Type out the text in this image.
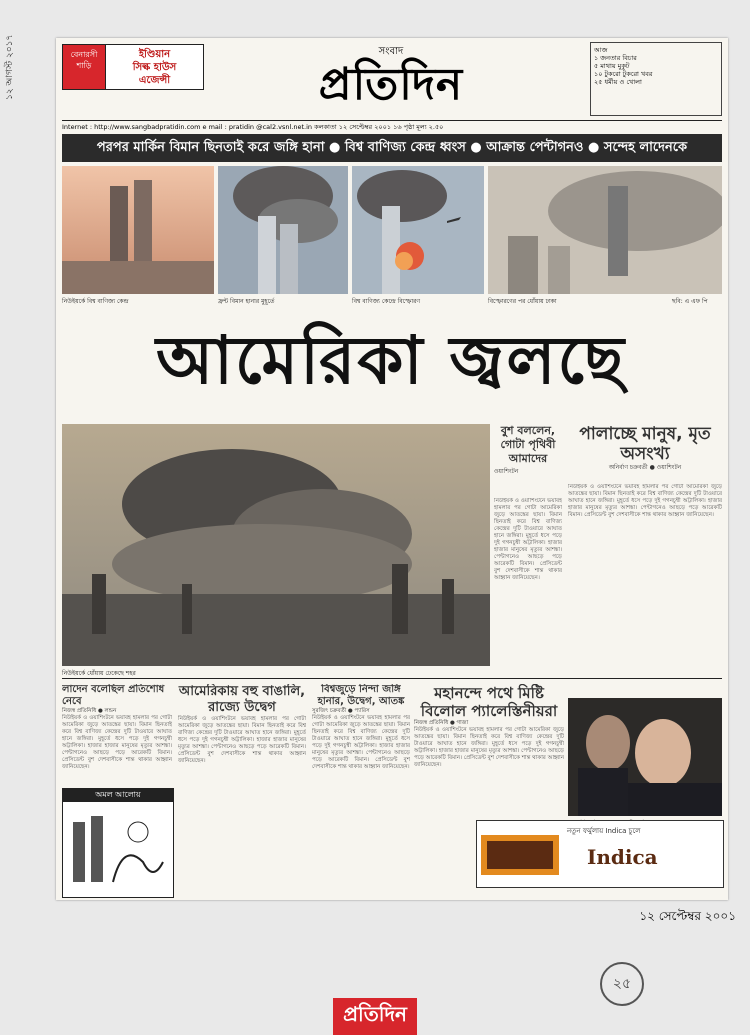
১২ আগস্ট ২০১৭	বেনারসী শাড়ি
ইণ্ডিয়ান
সিল্ক হাউস
এজেন্সী
সংবাদ
প্রতিদিন
আজ
১ জনতার বিচার
৫ মাথায় মুকুট
১০ টুকরো টুকরো খবর
২৫ ধর্মীয় ও খোলা
Internet : http://www.sangbadpratidin.com e mail : pratidin @cal2.vsnl.net.in কলকাতা ১২ সেপ্টেম্বর ২০০১ ১৬ পৃষ্ঠা মূল্য ২.৫০
পরপর মার্কিন বিমান ছিনতাই করে জঙ্গি হানা ● বিশ্ব বাণিজ্য কেন্দ্র ধ্বংস ● আক্রান্ত পেন্টাগনও ● সন্দেহ লাদেনকে
নিউইয়র্কে বিশ্ব বাণিজ্য কেন্দ্র	ফ্রন্ট বিমান হানার মুহূর্তে	বিশ্ব বাণিজ্য কেন্দ্রে বিস্ফোরণ	বিস্ফোরণের পর ধোঁয়ায় ঢাকা	ছবি: এ এফ পি
আমেরিকা জ্বলছে
নিউইয়র্কে ধোঁয়ায় ঢেকেছে শহর
বুশ বললেন, গোটা পৃথিবী আমাদের
ওয়াশিংটন
নিউইয়র্ক ও ওয়াশিংটনে ভয়াবহ হামলার পর গোটা আমেরিকা জুড়ে আতঙ্কের ছায়া। বিমান ছিনতাই করে বিশ্ব বাণিজ্য কেন্দ্রের দুটি টাওয়ারে আঘাত হানে জঙ্গিরা। মুহূর্তে ধসে পড়ে দুই গগনচুম্বী অট্টালিকা। হাজার হাজার মানুষের মৃত্যুর আশঙ্কা। পেন্টাগনেও আছড়ে পড়ে আরেকটি বিমান। প্রেসিডেন্ট বুশ দেশবাসীকে শান্ত থাকার আহ্বান জানিয়েছেন।
পালাচ্ছে মানুষ, মৃত অসংখ্য
অনির্বাণ চক্রবর্তী ● ওয়াশিংটন
নিউইয়র্ক ও ওয়াশিংটনে ভয়াবহ হামলার পর গোটা আমেরিকা জুড়ে আতঙ্কের ছায়া। বিমান ছিনতাই করে বিশ্ব বাণিজ্য কেন্দ্রের দুটি টাওয়ারে আঘাত হানে জঙ্গিরা। মুহূর্তে ধসে পড়ে দুই গগনচুম্বী অট্টালিকা। হাজার হাজার মানুষের মৃত্যুর আশঙ্কা। পেন্টাগনেও আছড়ে পড়ে আরেকটি বিমান। প্রেসিডেন্ট বুশ দেশবাসীকে শান্ত থাকার আহ্বান জানিয়েছেন।
লাদেন বলেছিল প্রতিশোধ নেবে
নিজস্ব প্রতিনিধি ● লন্ডন
নিউইয়র্ক ও ওয়াশিংটনে ভয়াবহ হামলার পর গোটা আমেরিকা জুড়ে আতঙ্কের ছায়া। বিমান ছিনতাই করে বিশ্ব বাণিজ্য কেন্দ্রের দুটি টাওয়ারে আঘাত হানে জঙ্গিরা। মুহূর্তে ধসে পড়ে দুই গগনচুম্বী অট্টালিকা। হাজার হাজার মানুষের মৃত্যুর আশঙ্কা। পেন্টাগনেও আছড়ে পড়ে আরেকটি বিমান। প্রেসিডেন্ট বুশ দেশবাসীকে শান্ত থাকার আহ্বান জানিয়েছেন।
অমল আলোয়
আমেরিকায় বহু বাঙালি, রাজ্যে উদ্বেগ
নিউইয়র্ক ও ওয়াশিংটনে ভয়াবহ হামলার পর গোটা আমেরিকা জুড়ে আতঙ্কের ছায়া। বিমান ছিনতাই করে বিশ্ব বাণিজ্য কেন্দ্রের দুটি টাওয়ারে আঘাত হানে জঙ্গিরা। মুহূর্তে ধসে পড়ে দুই গগনচুম্বী অট্টালিকা। হাজার হাজার মানুষের মৃত্যুর আশঙ্কা। পেন্টাগনেও আছড়ে পড়ে আরেকটি বিমান। প্রেসিডেন্ট বুশ দেশবাসীকে শান্ত থাকার আহ্বান জানিয়েছেন।
বিশ্বজুড়ে নিন্দা জঙ্গি হানার, উদ্বেগ, আতঙ্ক
সুরজিৎ চক্রবর্তী ● প্যারিস
নিউইয়র্ক ও ওয়াশিংটনে ভয়াবহ হামলার পর গোটা আমেরিকা জুড়ে আতঙ্কের ছায়া। বিমান ছিনতাই করে বিশ্ব বাণিজ্য কেন্দ্রের দুটি টাওয়ারে আঘাত হানে জঙ্গিরা। মুহূর্তে ধসে পড়ে দুই গগনচুম্বী অট্টালিকা। হাজার হাজার মানুষের মৃত্যুর আশঙ্কা। পেন্টাগনেও আছড়ে পড়ে আরেকটি বিমান। প্রেসিডেন্ট বুশ দেশবাসীকে শান্ত থাকার আহ্বান জানিয়েছেন।
মহানন্দে পথে মিষ্টি বিলোল প্যালেস্তিনীয়রা
নিজস্ব প্রতিনিধি ● গাজা
নিউইয়র্ক ও ওয়াশিংটনে ভয়াবহ হামলার পর গোটা আমেরিকা জুড়ে আতঙ্কের ছায়া। বিমান ছিনতাই করে বিশ্ব বাণিজ্য কেন্দ্রের দুটি টাওয়ারে আঘাত হানে জঙ্গিরা। মুহূর্তে ধসে পড়ে দুই গগনচুম্বী অট্টালিকা। হাজার হাজার মানুষের মৃত্যুর আশঙ্কা। পেন্টাগনেও আছড়ে পড়ে আরেকটি বিমান। প্রেসিডেন্ট বুশ দেশবাসীকে শান্ত থাকার আহ্বান জানিয়েছেন।
নতুন ফর্মুলায় Indica চুলে
Indica
১২ সেপ্টেম্বর ২০০১
২৫
প্রতিদিন
